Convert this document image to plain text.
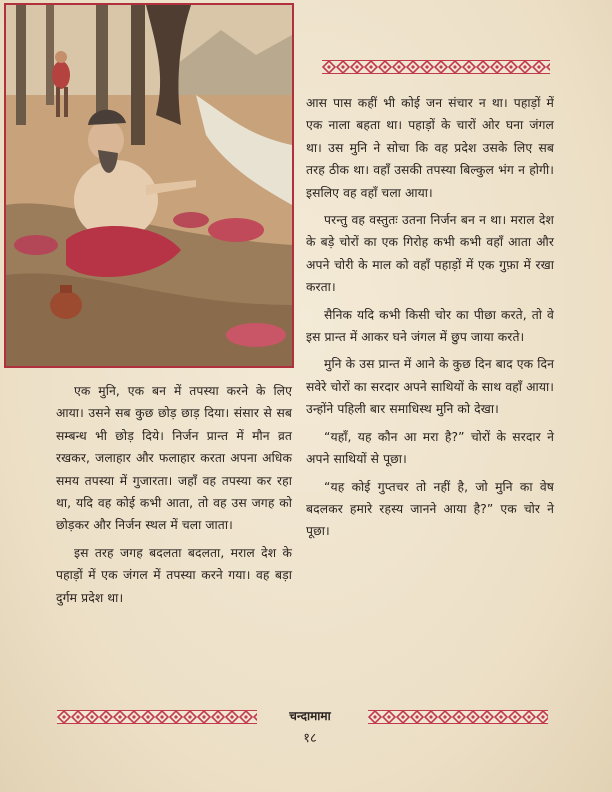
आस पास कहीं भी कोई जन संचार न था। पहाड़ों में एक नाला बहता था। पहाड़ों के चारों ओर घना जंगल था। उस मुनि ने सोचा कि वह प्रदेश उसके लिए सब तरह ठीक था। वहाँ उसकी तपस्या बिल्कुल भंग न होगी। इसलिए वह वहाँ चला आया।

परन्तु वह वस्तुतः उतना निर्जन बन न था। मराल देश के बड़े चोरों का एक गिरोह कभी कभी वहाँ आता और अपने चोरी के माल को वहाँ पहाड़ों में एक गुफ़ा में रखा करता।

सैनिक यदि कभी किसी चोर का पीछा करते, तो वे इस प्रान्त में आकर घने जंगल में छुप जाया करते।

मुनि के उस प्रान्त में आने के कुछ दिन बाद एक दिन सवेरे चोरों का सरदार अपने साथियों के साथ वहाँ आया। उन्होंने पहिली बार समाधिस्थ मुनि को देखा।

“यहाँ, यह कौन आ मरा है?” चोरों के सरदार ने अपने साथियों से पूछा।

“यह कोई गुप्तचर तो नहीं है, जो मुनि का वेष बदलकर हमारे रहस्य जानने आया है?” एक चोर ने पूछा।

एक मुनि, एक बन में तपस्या करने के लिए आया। उसने सब कुछ छोड़ छाड़ दिया। संसार से सब सम्बन्ध भी छोड़ दिये। निर्जन प्रान्त में मौन व्रत रखकर, जलाहार और फलाहार करता अपना अधिक समय तपस्या में गुजारता। जहाँ वह तपस्या कर रहा था, यदि वह कोई कभी आता, तो वह उस जगह को छोड़कर और निर्जन स्थल में चला जाता।

इस तरह जगह बदलता बदलता, मराल देश के पहाड़ों में एक जंगल में तपस्या करने गया। वह बड़ा दुर्गम प्रदेश था।

चन्दामामा
१८
